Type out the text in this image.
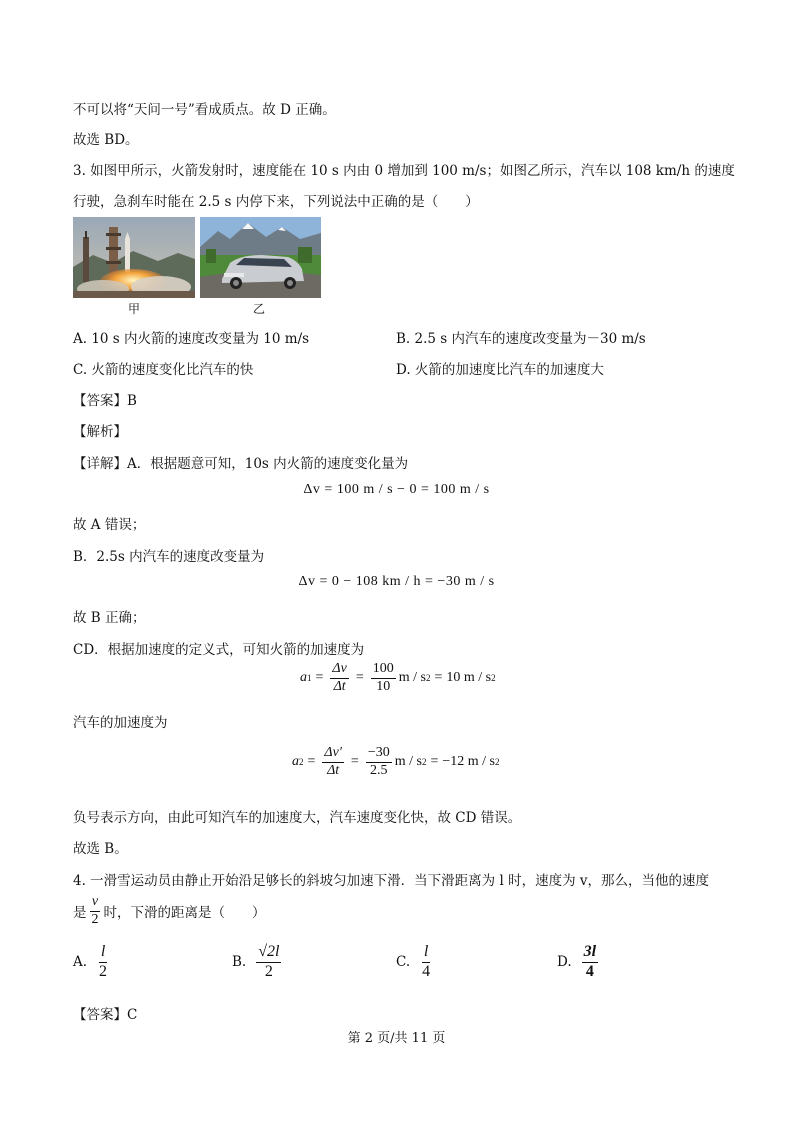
不可以将“天问一号”看成质点。故 D 正确。
故选 BD。
3. 如图甲所示，火箭发射时，速度能在 10 s 内由 0 增加到 100 m/s；如图乙所示，汽车以 108 km/h 的速度
行驶，急刹车时能在 2.5 s 内停下来，下列说法中正确的是（　　）
甲	乙
A. 10 s 内火箭的速度改变量为 10 m/s	B. 2.5 s 内汽车的速度改变量为－30 m/s
C. 火箭的速度变化比汽车的快	D. 火箭的加速度比汽车的加速度大
【答案】B
【解析】
【详解】A．根据题意可知，10s 内火箭的速度变化量为
Δv = 100 m / s − 0 = 100 m / s
故 A 错误；
B．2.5s 内汽车的速度改变量为
Δv = 0 − 108 km / h = −30 m / s
故 B 正确；
CD．根据加速度的定义式，可知火箭的加速度为
a $1 = \frac{\Delta v}{\Delta t} = \frac{100}{10}$ m / s 2 = 10 m / s 2
汽车的加速度为
a $2 = \frac{\Delta v'}{\Delta t} = \frac{-30}{2.5}$ m / s 2 = −12 m / s 2
负号表示方向，由此可知汽车的加速度大，汽车速度变化快，故 CD 错误。
故选 B。
4. 一滑雪运动员由静止开始沿足够长的斜坡匀加速下滑．当下滑距离为 l 时，速度为 v，那么，当他的速度
是 $\frac{v}{2}$ 时，下滑的距离是（　　）
A. $\frac{l}{2}$	B. $\frac{√2l}{2}$	C. $\frac{l}{4}$	D. $\frac{3l}{4}$
【答案】C
第 2 页/共 11 页
